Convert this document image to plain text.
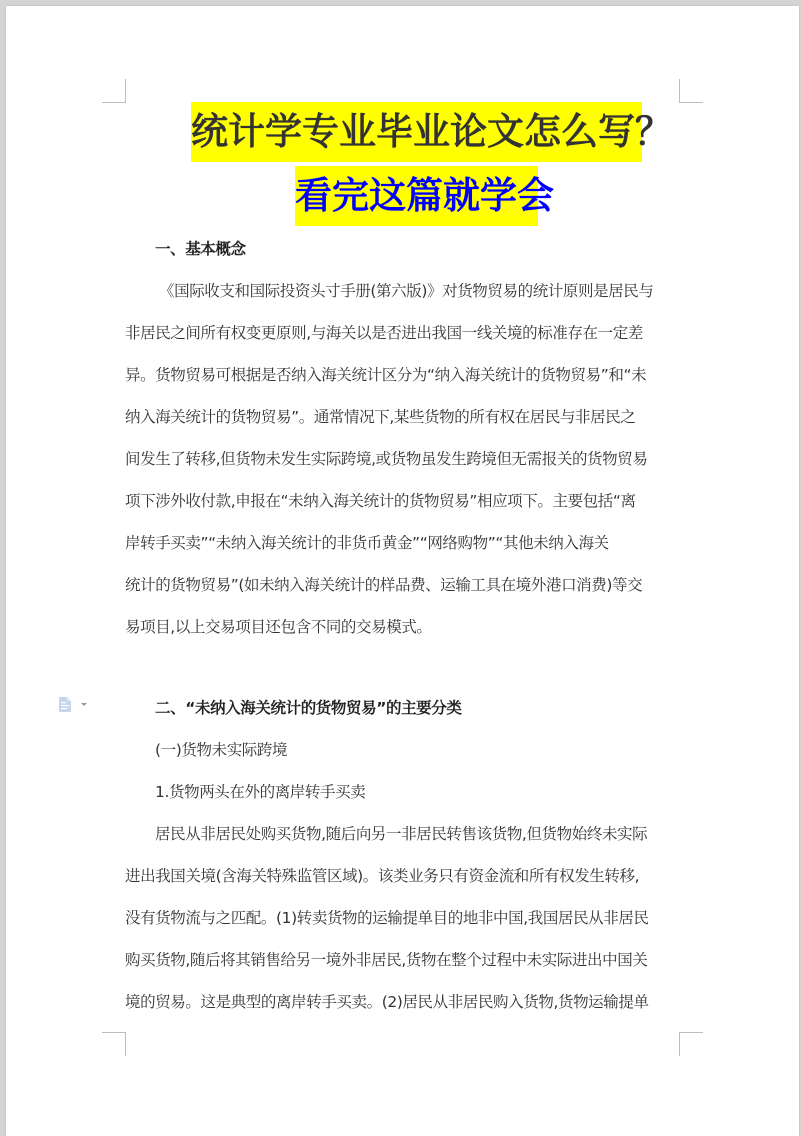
统计学专业毕业论文怎么写？
看完这篇就学会
一、基本概念
《国际收支和国际投资头寸手册(第六版)》对货物贸易的统计原则是居民与
非居民之间所有权变更原则,与海关以是否进出我国一线关境的标准存在一定差
异。货物贸易可根据是否纳入海关统计区分为“纳入海关统计的货物贸易”和“未
纳入海关统计的货物贸易”。通常情况下,某些货物的所有权在居民与非居民之
间发生了转移,但货物未发生实际跨境,或货物虽发生跨境但无需报关的货物贸易
项下涉外收付款,申报在“未纳入海关统计的货物贸易”相应项下。主要包括“离
岸转手买卖”“未纳入海关统计的非货币黄金”“网络购物”“其他未纳入海关
统计的货物贸易”(如未纳入海关统计的样品费、运输工具在境外港口消费)等交
易项目,以上交易项目还包含不同的交易模式。
二、“未纳入海关统计的货物贸易”的主要分类
(一)货物未实际跨境
1.货物两头在外的离岸转手买卖
居民从非居民处购买货物,随后向另一非居民转售该货物,但货物始终未实际
进出我国关境(含海关特殊监管区域)。该类业务只有资金流和所有权发生转移,
没有货物流与之匹配。(1)转卖货物的运输提单目的地非中国,我国居民从非居民
购买货物,随后将其销售给另一境外非居民,货物在整个过程中未实际进出中国关
境的贸易。这是典型的离岸转手买卖。(2)居民从非居民购入货物,货物运输提单
